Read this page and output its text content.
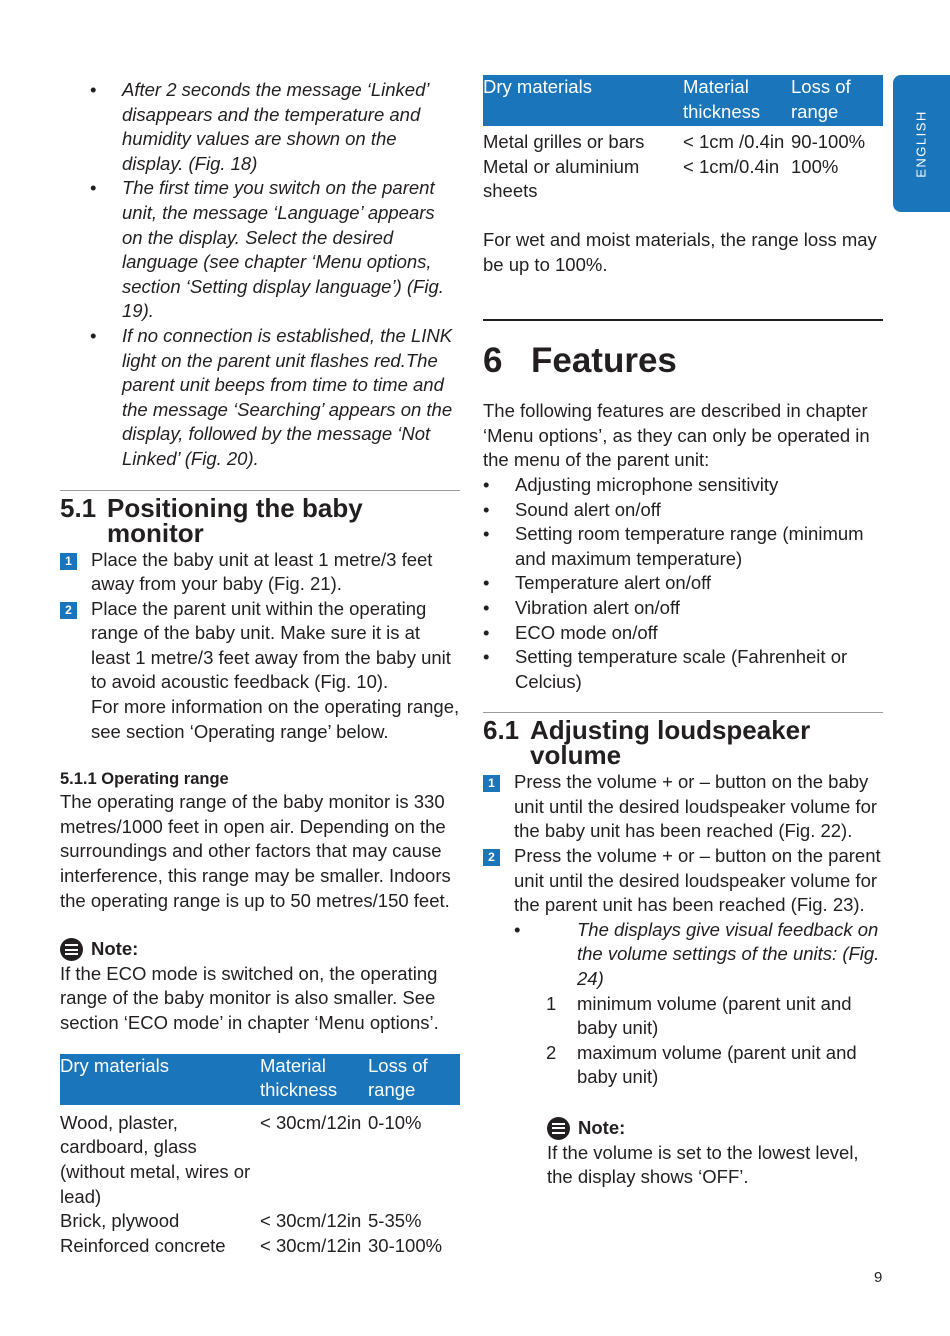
ENGLISH
• After 2 seconds the message ‘Linked’ disappears and the temperature and humidity values are shown on the display. (Fig. 18)
• The first time you switch on the parent unit, the message ‘Language’ appears on the display. Select the desired language (see chapter ‘Menu options, section ‘Setting display language’) (Fig. 19).
• If no connection is established, the LINK light on the parent unit flashes red.The parent unit beeps from time to time and the message ‘Searching’ appears on the display, followed by the message ‘Not Linked’ (Fig. 20).
5.1 Positioning the baby
monitor
1 Place the baby unit at least 1 metre/3 feet away from your baby (Fig. 21).
2 Place the parent unit within the operating range of the baby unit. Make sure it is at least 1 metre/3 feet away from the baby unit to avoid acoustic feedback (Fig. 10).
For more information on the operating range, see section ‘Operating range’ below.
5.1.1 Operating range

The operating range of the baby monitor is 330 metres/1000 feet in open air. Depending on the surroundings and other factors that may cause interference, this range may be smaller. Indoors the operating range is up to 50 metres/150 feet.

Note:

If the ECO mode is switched on, the operating range of the baby monitor is also smaller. See section ‘ECO mode’ in chapter ‘Menu options’.

Dry materials	Material thickness	Loss of range
Wood, plaster, cardboard, glass (without metal, wires or lead)	< 30cm/12in	0-10%
Brick, plywood	< 30cm/12in	5-35%
Reinforced concrete	< 30cm/12in	30-100%
Dry materials	Material thickness	Loss of range
Metal grilles or bars	< 1cm /0.4in	90-100%
Metal or aluminium sheets	< 1cm/0.4in	100%

For wet and moist materials, the range loss may be up to 100%.

6 Features

The following features are described in chapter ‘Menu options’, as they can only be operated in the menu of the parent unit:

• Adjusting microphone sensitivity
• Sound alert on/off
• Setting room temperature range (minimum and maximum temperature)
• Temperature alert on/off
• Vibration alert on/off
• ECO mode on/off
• Setting temperature scale (Fahrenheit or Celcius)
6.1 Adjusting loudspeaker
volume
1 Press the volume + or – button on the baby unit until the desired loudspeaker volume for the baby unit has been reached (Fig. 22).
2 Press the volume + or – button on the parent unit until the desired loudspeaker volume for the parent unit has been reached (Fig. 23).
•	The displays give visual feedback on the volume settings of the units: (Fig. 24)
1 minimum volume (parent unit and baby unit)
2 maximum volume (parent unit and baby unit)
Note:

If the volume is set to the lowest level, the display shows ‘OFF’.

9
